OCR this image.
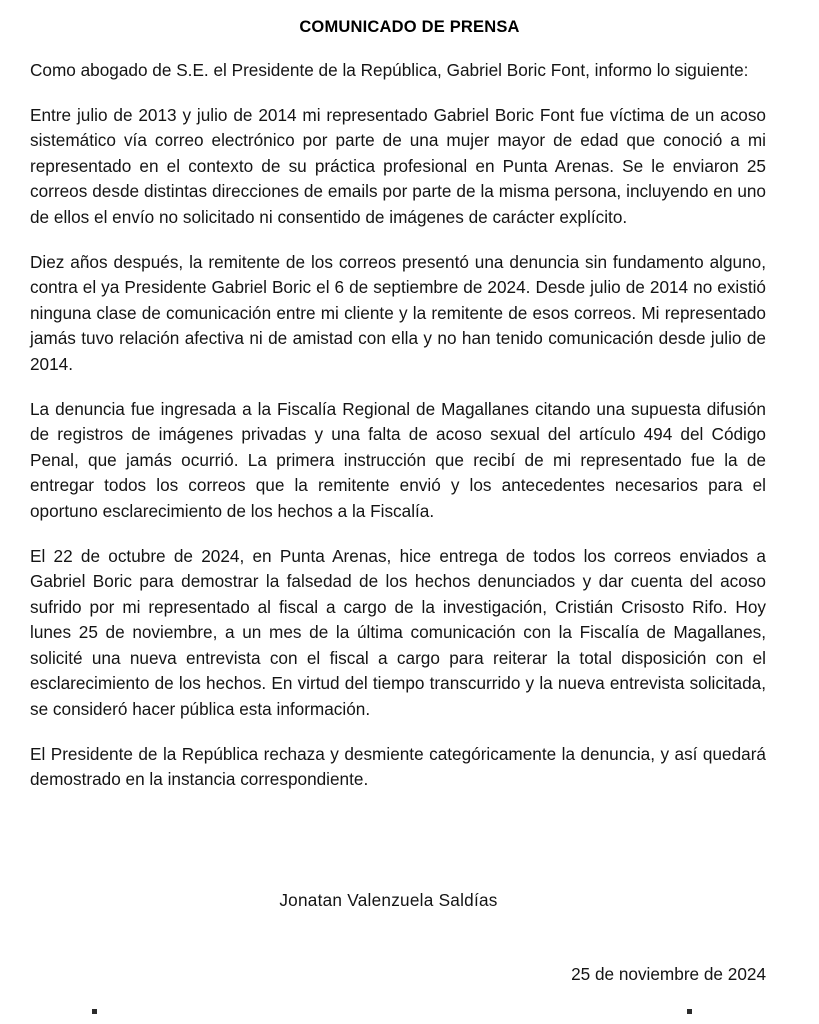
COMUNICADO DE PRENSA

Como abogado de S.E. el Presidente de la República, Gabriel Boric Font, informo lo siguiente:

Entre julio de 2013 y julio de 2014 mi representado Gabriel Boric Font fue víctima de un acoso sistemático vía correo electrónico por parte de una mujer mayor de edad que conoció a mi representado en el contexto de su práctica profesional en Punta Arenas. Se le enviaron 25 correos desde distintas direcciones de emails por parte de la misma persona, incluyendo en uno de ellos el envío no solicitado ni consentido de imágenes de carácter explícito.

Diez años después, la remitente de los correos presentó una denuncia sin fundamento alguno, contra el ya Presidente Gabriel Boric el 6 de septiembre de 2024. Desde julio de 2014 no existió ninguna clase de comunicación entre mi cliente y la remitente de esos correos. Mi representado jamás tuvo relación afectiva ni de amistad con ella y no han tenido comunicación desde julio de 2014.

La denuncia fue ingresada a la Fiscalía Regional de Magallanes citando una supuesta difusión de registros de imágenes privadas y una falta de acoso sexual del artículo 494 del Código Penal, que jamás ocurrió. La primera instrucción que recibí de mi representado fue la de entregar todos los correos que la remitente envió y los antecedentes necesarios para el oportuno esclarecimiento de los hechos a la Fiscalía.

El 22 de octubre de 2024, en Punta Arenas, hice entrega de todos los correos enviados a Gabriel Boric para demostrar la falsedad de los hechos denunciados y dar cuenta del acoso sufrido por mi representado al fiscal a cargo de la investigación, Cristián Crisosto Rifo. Hoy lunes 25 de noviembre, a un mes de la última comunicación con la Fiscalía de Magallanes, solicité una nueva entrevista con el fiscal a cargo para reiterar la total disposición con el esclarecimiento de los hechos. En virtud del tiempo transcurrido y la nueva entrevista solicitada, se consideró hacer pública esta información.

El Presidente de la República rechaza y desmiente categóricamente la denuncia, y así quedará demostrado en la instancia correspondiente.

Jonatan Valenzuela Saldías
25 de noviembre de 2024
